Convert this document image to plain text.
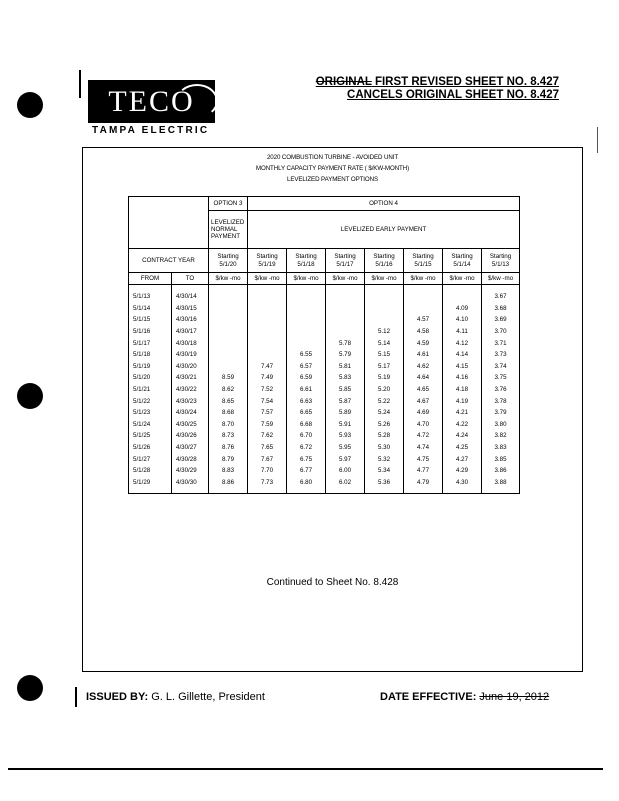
TECO
TAMPA ELECTRIC
ORIGINAL FIRST REVISED SHEET NO. 8.427
CANCELS ORIGINAL SHEET NO. 8.427
2020 COMBUSTION TURBINE - AVOIDED UNIT
MONTHLY CAPACITY PAYMENT RATE ( $/KW-MONTH)
LEVELIZED PAYMENT OPTIONS
		OPTION 3	OPTION 4						
		LEVELIZED NORMAL PAYMENT	LEVELIZED EARLY PAYMENT						
CONTRACT YEAR		Starting 5/1/20	Starting 5/1/19	Starting 5/1/18	Starting 5/1/17	Starting 5/1/16	Starting 5/1/15	Starting 5/1/14	Starting 5/1/13
FROM	TO	$/kw -mo	$/kw -mo	$/kw -mo	$/kw -mo	$/kw -mo	$/kw -mo	$/kw -mo	$/kw -mo
5/1/13	4/30/14								3.67
5/1/14	4/30/15							4.09	3.68
5/1/15	4/30/16						4.57	4.10	3.69
5/1/16	4/30/17					5.12	4.58	4.11	3.70
5/1/17	4/30/18				5.78	5.14	4.59	4.12	3.71
5/1/18	4/30/19			6.55	5.79	5.15	4.61	4.14	3.73
5/1/19	4/30/20		7.47	6.57	5.81	5.17	4.62	4.15	3.74
5/1/20	4/30/21	8.59	7.49	6.59	5.83	5.19	4.64	4.16	3.75
5/1/21	4/30/22	8.62	7.52	6.61	5.85	5.20	4.65	4.18	3.76
5/1/22	4/30/23	8.65	7.54	6.63	5.87	5.22	4.67	4.19	3.78
5/1/23	4/30/24	8.68	7.57	6.65	5.89	5.24	4.69	4.21	3.79
5/1/24	4/30/25	8.70	7.59	6.68	5.91	5.26	4.70	4.22	3.80
5/1/25	4/30/26	8.73	7.62	6.70	5.93	5.28	4.72	4.24	3.82
5/1/26	4/30/27	8.76	7.65	6.72	5.95	5.30	4.74	4.25	3.83
5/1/27	4/30/28	8.79	7.67	6.75	5.97	5.32	4.75	4.27	3.85
5/1/28	4/30/29	8.83	7.70	6.77	6.00	5.34	4.77	4.29	3.86
5/1/29	4/30/30	8.86	7.73	6.80	6.02	5.36	4.79	4.30	3.88
Continued to Sheet No. 8.428
ISSUED BY: G. L. Gillette, President	DATE EFFECTIVE: June 19, 2012
